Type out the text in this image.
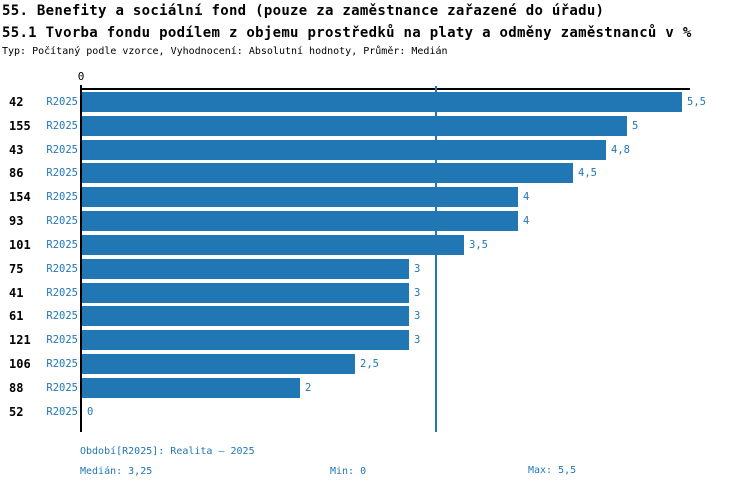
55. Benefity a sociální fond (pouze za zaměstnance zařazené do úřadu)
55.1 Tvorba fondu podílem z objemu prostředků na platy a odměny zaměstnanců v %
Typ: Počítaný podle vzorce, Vyhodnocení: Absolutní hodnoty, Průměr: Medián
0
42	R2025	5,5
155	R2025	5
43	R2025	4,8
86	R2025	4,5
154	R2025	4
93	R2025	4
101	R2025	3,5
75	R2025	3
41	R2025	3
61	R2025	3
121	R2025	3
106	R2025	2,5
88	R2025	2
52	R2025 0
Období[R2025]: Realita – 2025
Medián: 3,25	Min: 0	Max: 5,5
